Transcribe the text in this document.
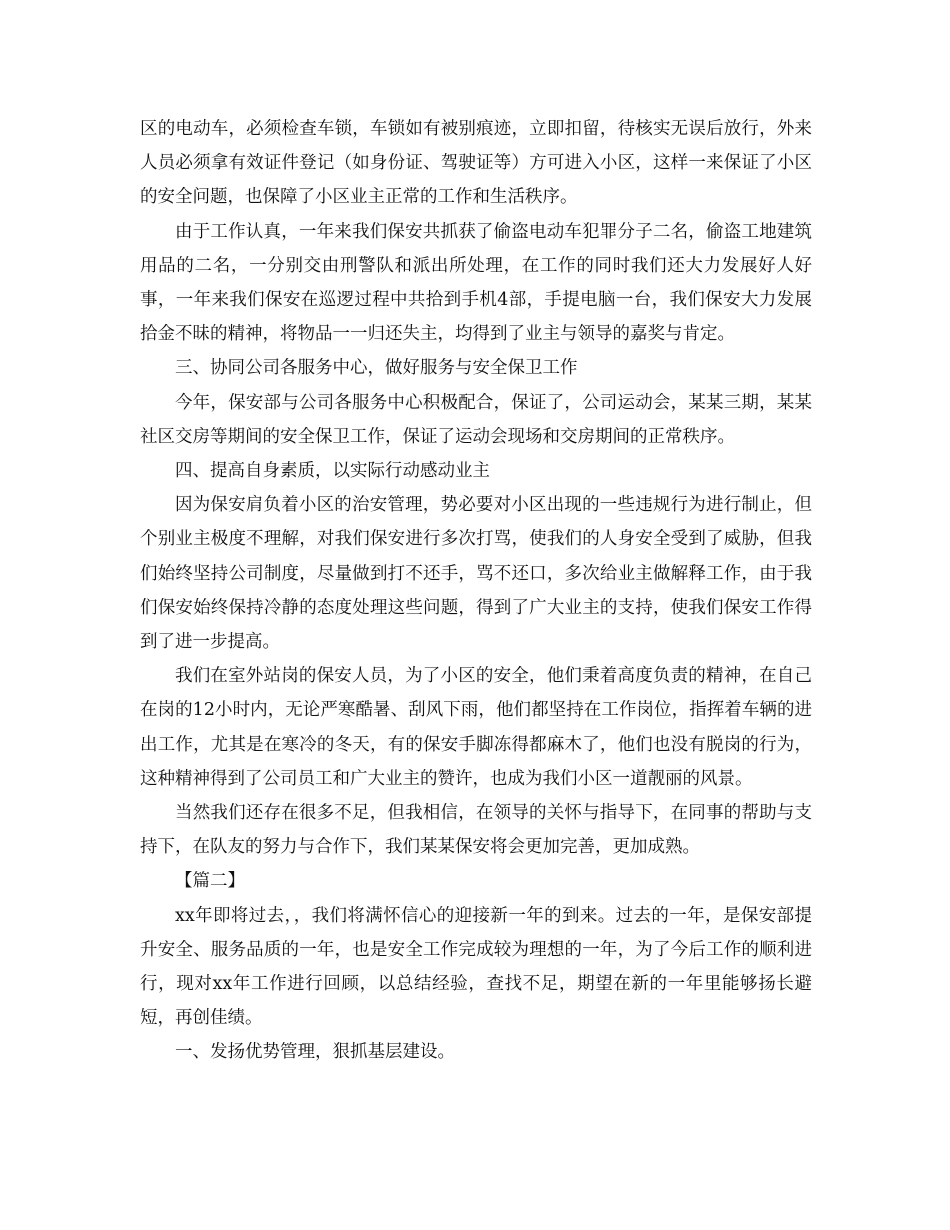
区的电动车，必须检查车锁，车锁如有被别痕迹，立即扣留，待核实无误后放行，外来人员必须拿有效证件登记（如身份证、驾驶证等）方可进入小区，这样一来保证了小区的安全问题，也保障了小区业主正常的工作和生活秩序。

由于工作认真，一年来我们保安共抓获了偷盗电动车犯罪分子二名，偷盗工地建筑用品的二名，一分别交由刑警队和派出所处理，在工作的同时我们还大力发展好人好事，一年来我们保安在巡逻过程中共拾到手机4部，手提电脑一台，我们保安大力发展拾金不昧的精神，将物品一一归还失主，均得到了业主与领导的嘉奖与肯定。

三、协同公司各服务中心，做好服务与安全保卫工作

今年，保安部与公司各服务中心积极配合，保证了，公司运动会，某某三期，某某社区交房等期间的安全保卫工作，保证了运动会现场和交房期间的正常秩序。

四、提高自身素质，以实际行动感动业主

因为保安肩负着小区的治安管理，势必要对小区出现的一些违规行为进行制止，但个别业主极度不理解，对我们保安进行多次打骂，使我们的人身安全受到了威胁，但我们始终坚持公司制度，尽量做到打不还手，骂不还口，多次给业主做解释工作，由于我们保安始终保持冷静的态度处理这些问题，得到了广大业主的支持，使我们保安工作得到了进一步提高。

我们在室外站岗的保安人员，为了小区的安全，他们秉着高度负责的精神，在自己在岗的12小时内，无论严寒酷暑、刮风下雨，他们都坚持在工作岗位，指挥着车辆的进出工作，尤其是在寒冷的冬天，有的保安手脚冻得都麻木了，他们也没有脱岗的行为，这种精神得到了公司员工和广大业主的赞许，也成为我们小区一道靓丽的风景。

当然我们还存在很多不足，但我相信，在领导的关怀与指导下，在同事的帮助与支持下，在队友的努力与合作下，我们某某保安将会更加完善，更加成熟。

【篇二】

xx年即将过去，，我们将满怀信心的迎接新一年的到来。过去的一年，是保安部提升安全、服务品质的一年，也是安全工作完成较为理想的一年，为了今后工作的顺利进行，现对xx年工作进行回顾，以总结经验，查找不足，期望在新的一年里能够扬长避短，再创佳绩。

一、发扬优势管理，狠抓基层建设。
